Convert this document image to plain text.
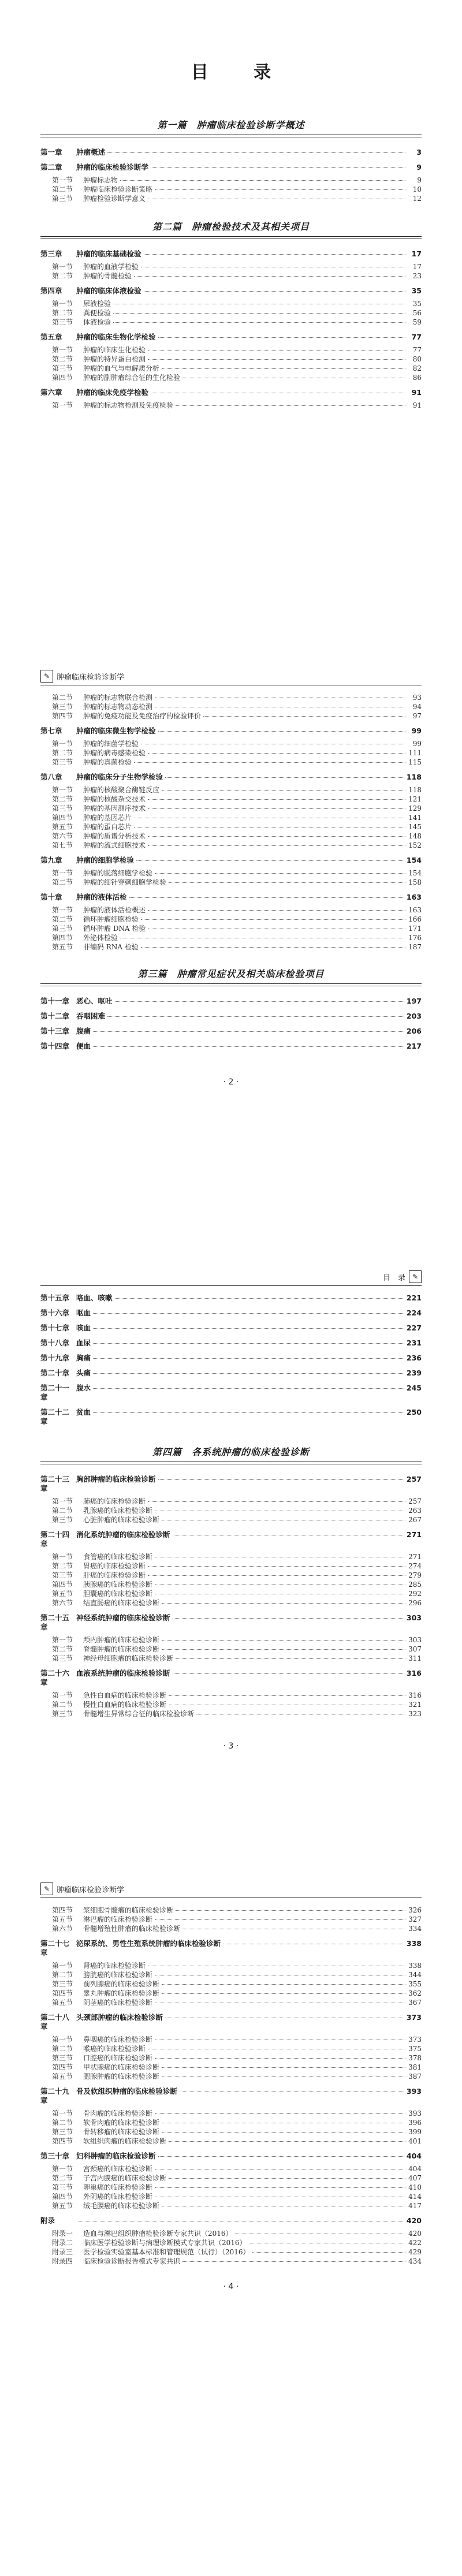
目 录
第一篇　肿瘤临床检验诊断学概述
第一章	肿瘤概述	3
第二章	肿瘤的临床检验诊断学	9
第一节	肿瘤标志物	9
第二节	肿瘤临床检验诊断策略	10
第三节	肿瘤检验诊断学意义	12
第二篇　肿瘤检验技术及其相关项目
第三章	肿瘤的临床基础检验	17
第一节	肿瘤的血液学检验	17
第二节	肿瘤的骨髓检验	23
第四章	肿瘤的临床体液检验	35
第一节	尿液检验	35
第二节	粪便检验	56
第三节	体液检验	59
第五章	肿瘤的临床生物化学检验	77
第一节	肿瘤的临床生化检验	77
第二节	肿瘤的特异蛋白检测	80
第三节	肿瘤的血气与电解质分析	82
第四节	肿瘤的副肿瘤综合征的生化检验	86
第六章	肿瘤的临床免疫学检验	91
第一节	肿瘤的标志物检测及免疫检验	91
✎ 肿瘤临床检验诊断学
第二节	肿瘤的标志物联合检测	93
第三节	肿瘤的标志物动态检测	94
第四节	肿瘤的免疫功能及免疫治疗的检验评价	97
第七章	肿瘤的临床微生物学检验	99
第一节	肿瘤的细菌学检验	99
第二节	肿瘤的病毒感染检验	111
第三节	肿瘤的真菌检验	115
第八章	肿瘤的临床分子生物学检验	118
第一节	肿瘤的核酸聚合酶链反应	118
第二节	肿瘤的核酸杂交技术	121
第三节	肿瘤的基因测序技术	129
第四节	肿瘤的基因芯片	141
第五节	肿瘤的蛋白芯片	145
第六节	肿瘤的质谱分析技术	148
第七节	肿瘤的流式细胞技术	152
第九章	肿瘤的细胞学检验	154
第一节	肿瘤的脱落细胞学检验	154
第二节	肿瘤的细针穿刺细胞学检验	158
第十章	肿瘤的液体活检	163
第一节	肿瘤的液体活检概述	163
第二节	循环肿瘤细胞检验	166
第三节	循环肿瘤 DNA 检验	171
第四节	外泌体检验	176
第五节	非编码 RNA 检验	187
第三篇　肿瘤常见症状及相关临床检验项目
第十一章 恶心、呕吐	197
第十二章 吞咽困难	203
第十三章 腹痛	206
第十四章 便血	217
· 2 ·
目　录 ✎
第十五章 咯血、咳嗽	221
第十六章 呕血	224
第十七章 咳血	227
第十八章 血尿	231
第十九章 胸痛	236
第二十章 头痛	239
第二十一章
腹水	245
第二十二章
贫血	250
第四篇　各系统肿瘤的临床检验诊断
第二十三章
胸部肿瘤的临床检验诊断	257
第一节	肺癌的临床检验诊断	257
第二节	乳腺癌的临床检验诊断	263
第三节	心脏肿瘤的临床检验诊断	267
第二十四章
消化系统肿瘤的临床检验诊断	271
第一节	食管癌的临床检验诊断	271
第二节	胃癌的临床检验诊断	274
第三节	肝癌的临床检验诊断	279
第四节	胰腺癌的临床检验诊断	285
第五节	胆囊癌的临床检验诊断	292
第六节	结直肠癌的临床检验诊断	296
第二十五章
神经系统肿瘤的临床检验诊断	303
第一节	颅内肿瘤的临床检验诊断	303
第二节	脊髓肿瘤的临床检验诊断	307
第三节	神经母细胞瘤的临床检验诊断	311
第二十六章
血液系统肿瘤的临床检验诊断	316
第一节	急性白血病的临床检验诊断	316
第二节	慢性白血病的临床检验诊断	321
第三节	骨髓增生异常综合征的临床检验诊断	323
· 3 ·
✎ 肿瘤临床检验诊断学
第四节	浆细胞骨髓瘤的临床检验诊断	326
第五节	淋巴瘤的临床检验诊断	327
第六节	骨髓增殖性肿瘤的临床检验诊断	334
第二十七章
泌尿系统、男性生殖系统肿瘤的临床检验诊断	338
第一节	肾癌的临床检验诊断	338
第二节	膀胱癌的临床检验诊断	344
第三节	前列腺癌的临床检验诊断	355
第四节	睾丸肿瘤的临床检验诊断	362
第五节	阴茎癌的临床检验诊断	367
第二十八章
头颈部肿瘤的临床检验诊断	373
第一节	鼻咽癌的临床检验诊断	373
第二节	喉癌的临床检验诊断	375
第三节	口腔癌的临床检验诊断	378
第四节	甲状腺癌的临床检验诊断	381
第五节	腮腺肿瘤的临床检验诊断	387
第二十九章
骨及软组织肿瘤的临床检验诊断	393
第一节	骨肉瘤的临床检验诊断	393
第二节	软骨肉瘤的临床检验诊断	396
第三节	骨转移瘤的临床检验诊断	399
第四节	软组织肉瘤的临床检验诊断	401
第三十章 妇科肿瘤的临床检验诊断	404
第一节	宫颈癌的临床检验诊断	404
第二节	子宫内膜癌的临床检验诊断	407
第三节	卵巢癌的临床检验诊断	410
第四节	外阴癌的临床检验诊断	414
第五节	绒毛膜癌的临床检验诊断	417
附录	420
附录一	造血与淋巴组织肿瘤检验诊断专家共识（2016）	420
附录二	临床医学检验诊断与病理诊断模式专家共识（2016）	422
附录三	医学检验实验室基本标准和管理规范（试行）（2016）	429
附录四	临床检验诊断报告模式专家共识	434
· 4 ·
